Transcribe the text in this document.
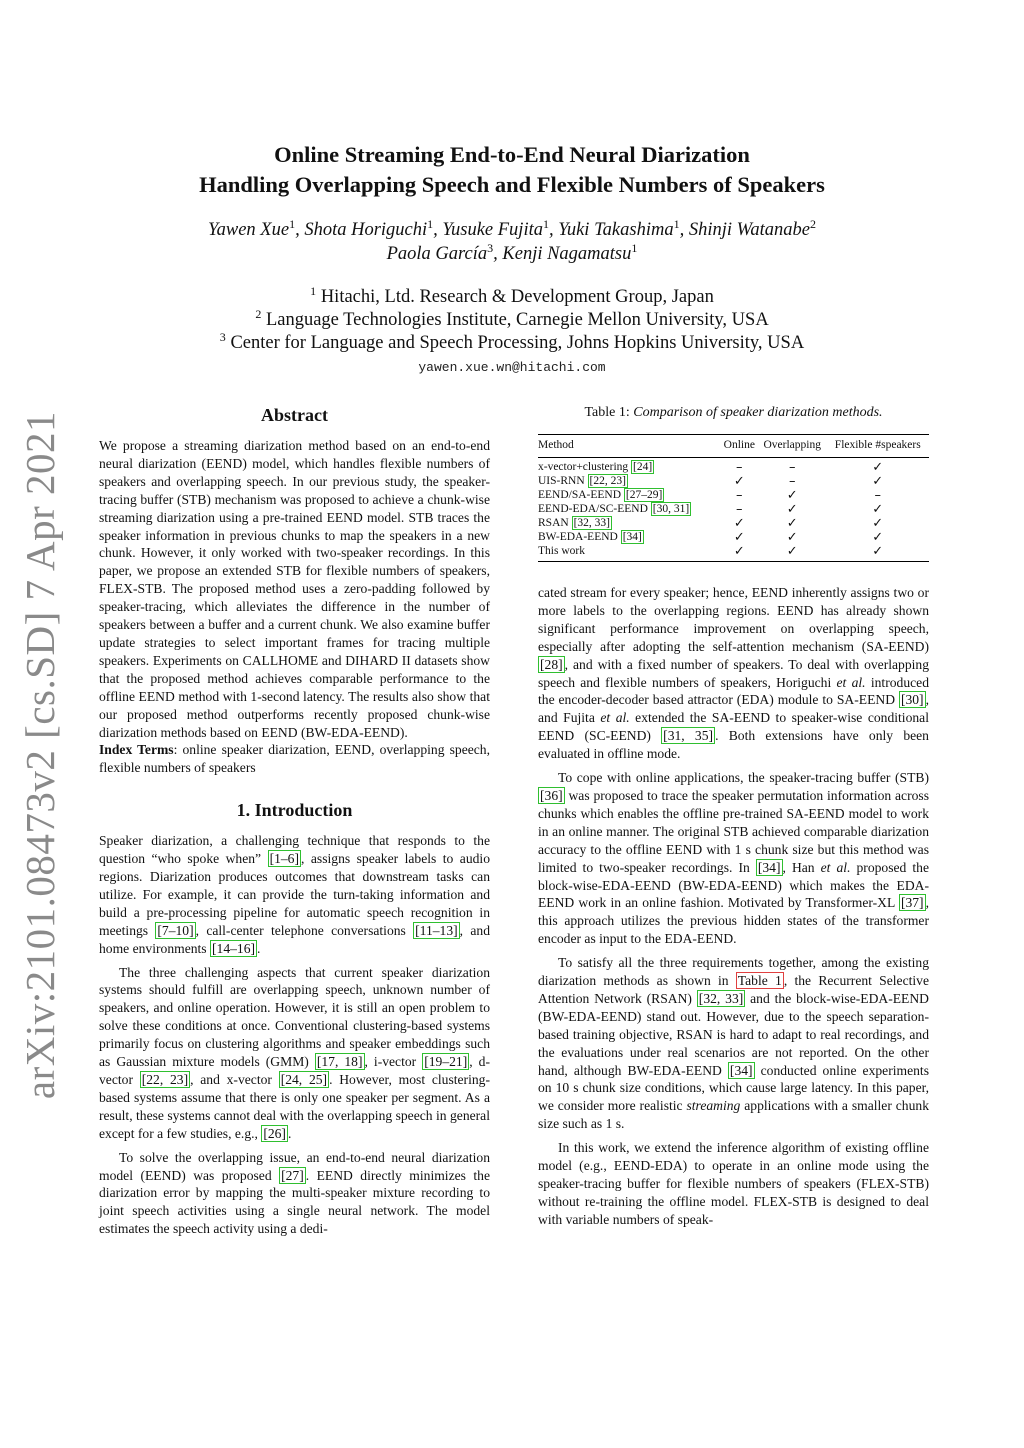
arXiv:2101.08473v2 [cs.SD] 7 Apr 2021
Online Streaming End-to-End Neural Diarization
Handling Overlapping Speech and Flexible Numbers of Speakers
Yawen Xue$^1$, Shota Horiguchi$^1$, Yusuke Fujita$^1$, Yuki Takashima$^1$, Shinji Watanabe$^2$
Paola García$^3$, Kenji Nagamatsu$^1$
$^1$ Hitachi, Ltd. Research & Development Group, Japan
$^2$ Language Technologies Institute, Carnegie Mellon University, USA
$^3$ Center for Language and Speech Processing, Johns Hopkins University, USA
yawen.xue.wn@hitachi.com
Abstract

We propose a streaming diarization method based on an end-to-end neural diarization (EEND) model, which handles flexible numbers of speakers and overlapping speech. In our previous study, the speaker-tracing buffer (STB) mechanism was proposed to achieve a chunk-wise streaming diarization using a pre-trained EEND model. STB traces the speaker information in previous chunks to map the speakers in a new chunk. However, it only worked with two-speaker recordings. In this paper, we propose an extended STB for flexible numbers of speakers, FLEX-STB. The proposed method uses a zero-padding followed by speaker-tracing, which alleviates the difference in the number of speakers between a buffer and a current chunk. We also examine buffer update strategies to select important frames for tracing multiple speakers. Experiments on CALLHOME and DIHARD II datasets show that the proposed method achieves comparable performance to the offline EEND method with 1-second latency. The results also show that our proposed method outperforms recently proposed chunk-wise diarization methods based on EEND (BW-EDA-EEND).

Index Terms: online speaker diarization, EEND, overlapping speech, flexible numbers of speakers

1. Introduction

Speaker diarization, a challenging technique that responds to the question “who spoke when” [1–6] , assigns speaker labels to audio regions. Diarization produces outcomes that downstream tasks can utilize. For example, it can provide the turn-taking information and build a pre-processing pipeline for automatic speech recognition in meetings [7–10] , call-center telephone conversations [11–13] , and home environments [14–16] .

The three challenging aspects that current speaker diarization systems should fulfill are overlapping speech, unknown number of speakers, and online operation. However, it is still an open problem to solve these conditions at once. Conventional clustering-based systems primarily focus on clustering algorithms and speaker embeddings such as Gaussian mixture models (GMM) [17, 18] , i-vector [19–21] , d-vector [22, 23] , and x-vector [24, 25] . However, most clustering-based systems assume that there is only one speaker per segment. As a result, these systems cannot deal with the overlapping speech in general except for a few studies, e.g., [26] .

To solve the overlapping issue, an end-to-end neural diarization model (EEND) was proposed [27] . EEND directly minimizes the diarization error by mapping the multi-speaker mixture recording to joint speech activities using a single neural network. The model estimates the speech activity using a dedi-

Table 1: Comparison of speaker diarization methods.
Method	Online	Overlapping	Flexible #speakers
x-vector+clustering [24]	–	–	✓
UIS-RNN [22, 23]	✓	–	✓
EEND/SA-EEND [27–29]	–	✓	–
EEND-EDA/SC-EEND [30, 31]	–	✓	✓
RSAN [32, 33]	✓	✓	✓
BW-EDA-EEND [34]	✓	✓	✓
This work	✓	✓	✓

cated stream for every speaker; hence, EEND inherently assigns two or more labels to the overlapping regions. EEND has already shown significant performance improvement on overlapping speech, especially after adopting the self-attention mechanism (SA-EEND) [28] , and with a fixed number of speakers. To deal with overlapping speech and flexible numbers of speakers, Horiguchi et al. introduced the encoder-decoder based attractor (EDA) module to SA-EEND [30] , and Fujita et al. extended the SA-EEND to speaker-wise conditional EEND (SC-EEND) [31, 35] . Both extensions have only been evaluated in offline mode.

To cope with online applications, the speaker-tracing buffer (STB) [36] was proposed to trace the speaker permutation information across chunks which enables the offline pre-trained SA-EEND model to work in an online manner. The original STB achieved comparable diarization accuracy to the offline EEND with 1 s chunk size but this method was limited to two-speaker recordings. In [34] , Han et al. proposed the block-wise-EDA-EEND (BW-EDA-EEND) which makes the EDA-EEND work in an online fashion. Motivated by Transformer-XL [37] , this approach utilizes the previous hidden states of the transformer encoder as input to the EDA-EEND.

To satisfy all the three requirements together, among the existing diarization methods as shown in Table 1 , the Recurrent Selective Attention Network (RSAN) [32, 33] and the block-wise-EDA-EEND (BW-EDA-EEND) stand out. However, due to the speech separation-based training objective, RSAN is hard to adapt to real recordings, and the evaluations under real scenarios are not reported. On the other hand, although BW-EDA-EEND [34] conducted online experiments on 10 s chunk size conditions, which cause large latency. In this paper, we consider more realistic streaming applications with a smaller chunk size such as 1 s.

In this work, we extend the inference algorithm of existing offline model (e.g., EEND-EDA) to operate in an online mode using the speaker-tracing buffer for flexible numbers of speakers (FLEX-STB) without re-training the offline model. FLEX-STB is designed to deal with variable numbers of speak-
